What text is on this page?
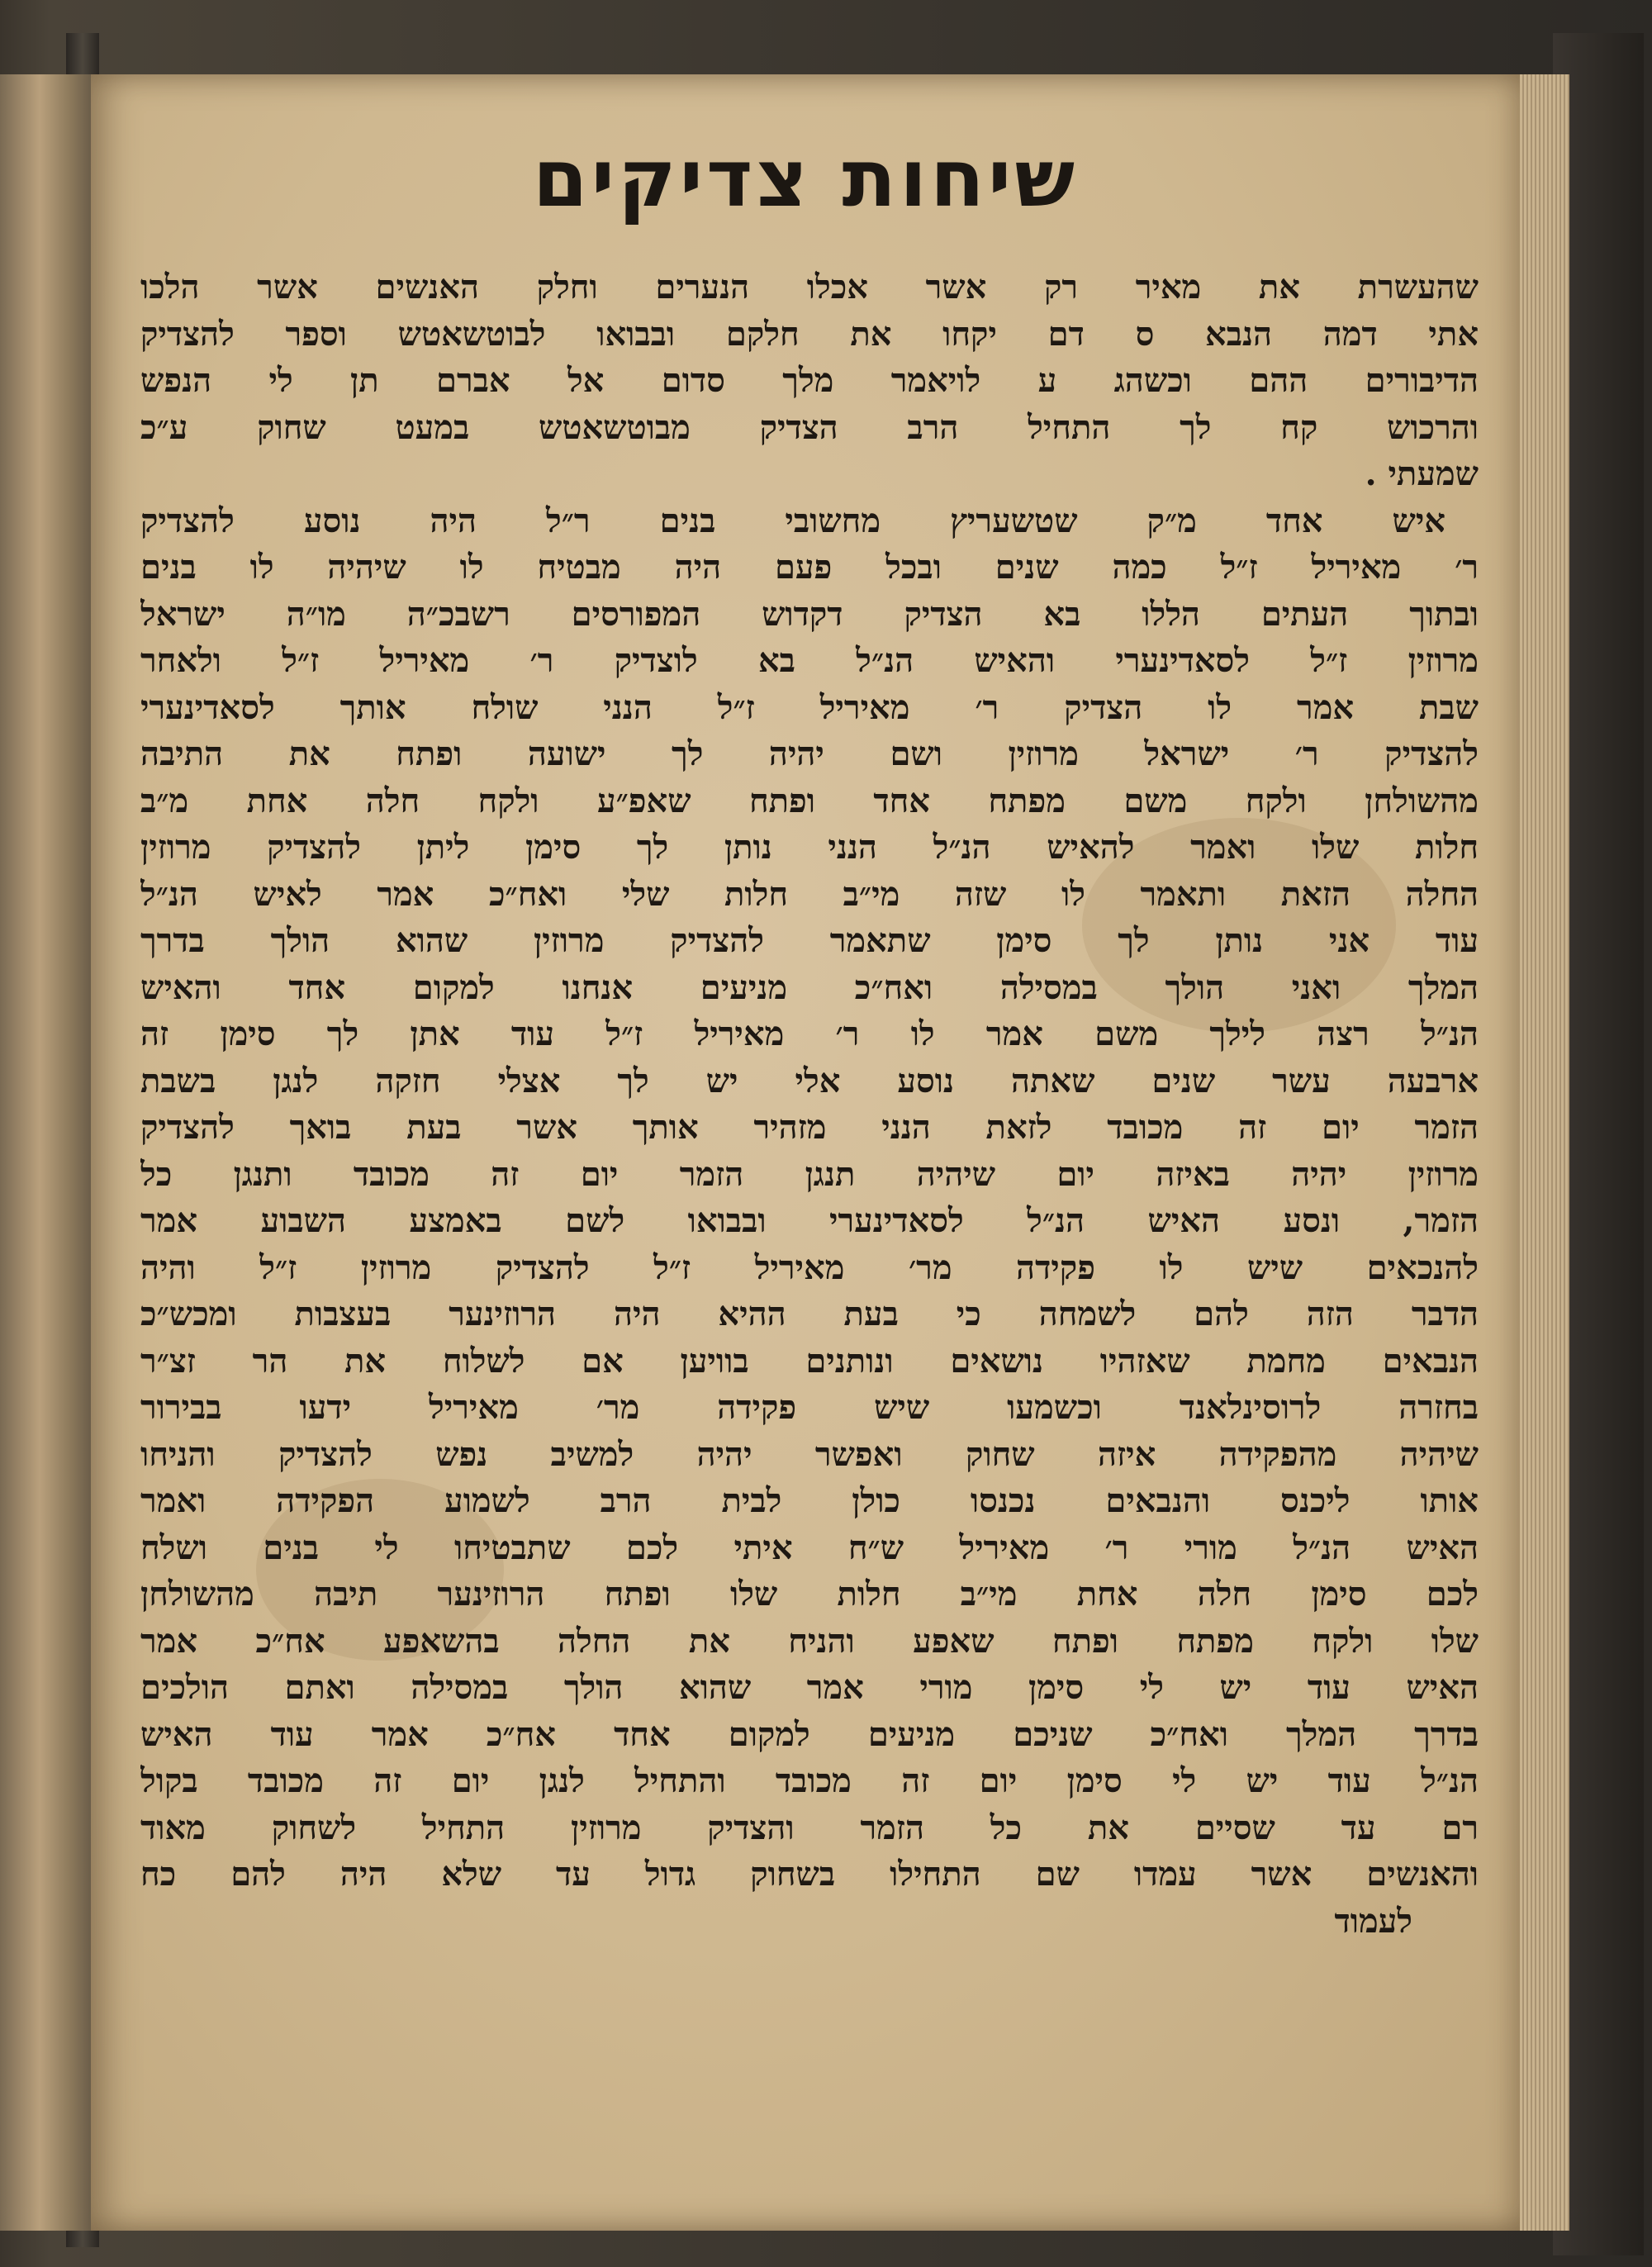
שיחות צדיקים
שהעשרת את מאיר רק אשר אכלו הנערים וחלק האנשים אשר הלכו
אתי דמה הנבא ס דם יקחו את חלקם ובבואו לבוטשאטש וספר להצדיק
הדיבורים ההם וכשהג ע לויאמר מלך סדום אל אברם תן לי הנפש
והרכוש קח לך התחיל הרב הצדיק מבוטשאטש במעט שחוק ע״כ
שמעתי .
איש אחד מ״ק שטשעריץ מחשובי בנים ר״ל היה נוסע להצדיק
ר׳ מאיריל ז״ל כמה שנים ובכל פעם היה מבטיח לו שיהיה לו בנים
ובתוך העתים הללו בא הצדיק דקדוש המפורסים רשבכ״ה מו״ה ישראל
מרוזין ז״ל לסאדינערי והאיש הנ״ל בא לוצדיק ר׳ מאיריל ז״ל ולאחר
שבת אמר לו הצדיק ר׳ מאיריל ז״ל הנני שולח אותך לסאדינערי
להצדיק ר׳ ישראל מרוזין ושם יהיה לך ישועה ופתח את התיבה
מהשולחן ולקח משם מפתח אחד ופתח שאפ״ע ולקח חלה אחת מ״ב
חלות שלו ואמר להאיש הנ״ל הנני נותן לך סימן ליתן להצדיק מרוזין
החלה הזאת ותאמר לו שזה מי״ב חלות שלי ואח״כ אמר לאיש הנ״ל
עוד אני נותן לך סימן שתאמר להצדיק מרוזין שהוא הולך בדרך
המלך ואני הולך במסילה ואח״כ מניעים אנחנו למקום אחד והאיש
הנ״ל רצה לילך משם אמר לו ר׳ מאיריל ז״ל עוד אתן לך סימן זה
ארבעה עשר שנים שאתה נוסע אלי יש לך אצלי חזקה לנגן בשבת
הזמר יום זה מכובד לזאת הנני מזהיר אותך אשר בעת בואך להצדיק
מרוזין יהיה באיזה יום שיהיה תנגן הזמר יום זה מכובד ותנגן כל
הזמר, ונסע האיש הנ״ל לסאדינערי ובבואו לשם באמצע השבוע אמר
להנכאים שיש לו פקידה מר׳ מאיריל ז״ל להצדיק מרוזין ז״ל והיה
הדבר הזה להם לשמחה כי בעת ההיא היה הרוזינער בעצבות ומכש״כ
הנבאים מחמת שאזהיו נושאים ונותנים בוויען אם לשלוח את הר זצ״ר
בחזרה לרוסינלאנד וכשמעו שיש פקידה מר׳ מאיריל ידעו בבירור
שיהיה מהפקידה איזה שחוק ואפשר יהיה למשיב נפש להצדיק והניחו
אותו ליכנס והנבאים נכנסו כולן לבית הרב לשמוע הפקידה ואמר
האיש הנ״ל מורי ר׳ מאיריל ש״ח איתי לכם שתבטיחו לי בנים ושלח
לכם סימן חלה אחת מי״ב חלות שלו ופתח הרוזינער תיבה מהשולחן
שלו ולקח מפתח ופתח שאפע והניח את החלה בהשאפע אח״כ אמר
האיש עוד יש לי סימן מורי אמר שהוא הולך במסילה ואתם הולכים
בדרך המלך ואח״כ שניכם מניעים למקום אחד אח״כ אמר עוד האיש
הנ״ל עוד יש לי סימן יום זה מכובד והתחיל לנגן יום זה מכובד בקול
רם עד שסיים את כל הזמר והצדיק מרוזין התחיל לשחוק מאוד
והאנשים אשר עמדו שם התחילו בשחוק גדול עד שלא היה להם כח
לעמוד
